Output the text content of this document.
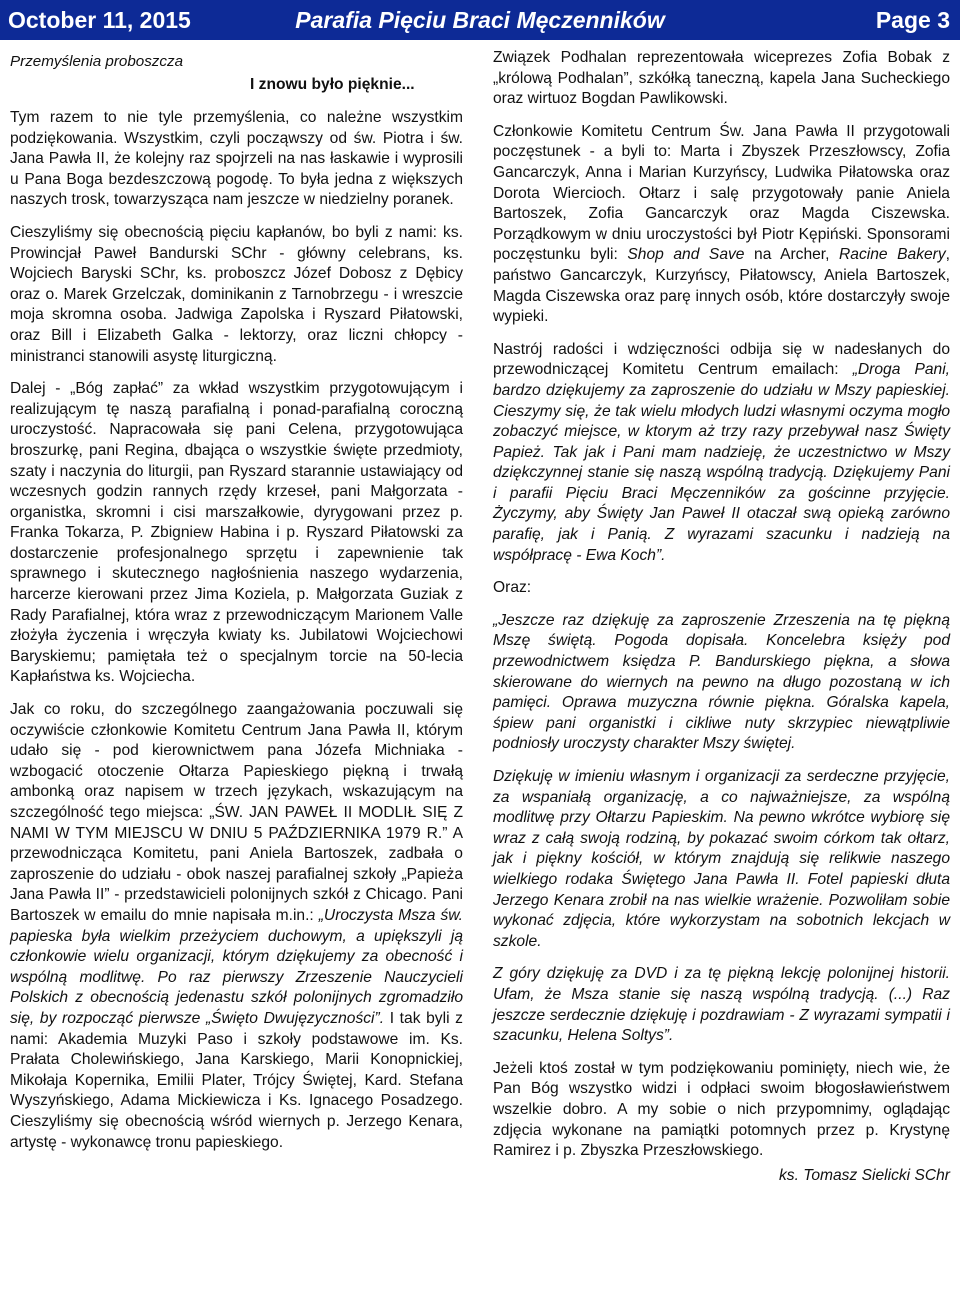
October 11, 2015	Parafia Pięciu Braci Męczenników	Page 3
Przemyślenia proboszcza
I znowu było pięknie...

Tym razem to nie tyle przemyślenia, co należne wszystkim podziękowania. Wszystkim, czyli począwszy od św. Piotra i św. Jana Pawła II, że kolejny raz spojrzeli na nas łaskawie i wyprosili u Pana Boga bezdeszczową pogodę. To była jedna z większych naszych trosk, towarzysząca nam jeszcze w niedzielny poranek.

Cieszyliśmy się obecnością pięciu kapłanów, bo byli z nami: ks. Prowincjał Paweł Bandurski SChr - główny celebrans, ks. Wojciech Baryski SChr, ks. proboszcz Józef Dobosz z Dębicy oraz o. Marek Grzelczak, dominikanin z Tarnobrzegu - i wreszcie moja skromna osoba. Jadwiga Zapolska i Ryszard Piłatowski, oraz Bill i Elizabeth Galka - lektorzy, oraz liczni chłopcy - ministranci stanowili asystę liturgiczną.

Dalej - „Bóg zapłać” za wkład wszystkim przygotowującym i realizującym tę naszą parafialną i ponad-parafialną coroczną uroczystość. Napracowała się pani Celena, przygotowująca broszurkę, pani Regina, dbająca o wszystkie święte przedmioty, szaty i naczynia do liturgii, pan Ryszard starannie ustawiający od wczesnych godzin rannych rzędy krzeseł, pani Małgorzata - organistka, skromni i cisi marszałkowie, dyrygowani przez p. Franka Tokarza, P. Zbigniew Habina i p. Ryszard Piłatowski za dostarczenie profesjonalnego sprzętu i zapewnienie tak sprawnego i skutecznego nagłośnienia naszego wydarzenia, harcerze kierowani przez Jima Koziela, p. Małgorzata Guziak z Rady Parafialnej, która wraz z przewodniczącym Marionem Valle złożyła życzenia i wręczyła kwiaty ks. Jubilatowi Wojciechowi Baryskiemu; pamiętała też o specjalnym torcie na 50-lecia Kapłaństwa ks. Wojciecha.

Jak co roku, do szczególnego zaangażowania poczuwali się oczywiście członkowie Komitetu Centrum Jana Pawła II, którym udało się - pod kierownictwem pana Józefa Michniaka - wzbogacić otoczenie Ołtarza Papieskiego piękną i trwałą ambonką oraz napisem w trzech językach, wskazującym na szczególność tego miejsca: „ŚW. JAN PAWEŁ II MODLIŁ SIĘ Z NAMI W TYM MIEJSCU W DNIU 5 PAŹDZIERNIKA 1979 R.” A przewodnicząca Komitetu, pani Aniela Bartoszek, zadbała o zaproszenie do udziału - obok naszej parafialnej szkoły „Papieża Jana Pawła II” - przedstawicieli polonijnych szkół z Chicago. Pani Bartoszek w emailu do mnie napisała m.in.: „Uroczysta Msza św. papieska była wielkim przeżyciem duchowym, a upiększyli ją członkowie wielu organizacji, którym dziękujemy za obecność i wspólną modlitwę. Po raz pierwszy Zrzeszenie Nauczycieli Polskich z obecnością jedenastu szkół polonijnych zgromadziło się, by rozpocząć pierwsze „Święto Dwujęzyczności”. I tak byli z nami: Akademia Muzyki Paso i szkoły podstawowe im. Ks. Prałata Cholewińskiego, Jana Karskiego, Marii Konopnickiej, Mikołaja Kopernika, Emilii Plater, Trójcy Świętej, Kard. Stefana Wyszyńskiego, Adama Mickiewicza i Ks. Ignacego Posadzego. Cieszyliśmy się obecnością wśród wiernych p. Jerzego Kenara, artystę - wykonawcę tronu papieskiego.

Związek Podhalan reprezentowała wiceprezes Zofia Bobak z „królową Podhalan”, szkółką taneczną, kapela Jana Sucheckiego oraz wirtuoz Bogdan Pawlikowski.

Członkowie Komitetu Centrum Św. Jana Pawła II przygotowali poczęstunek - a byli to: Marta i Zbyszek Przeszłowscy, Zofia Gancarczyk, Anna i Marian Kurzyńscy, Ludwika Piłatowska oraz Dorota Wiercioch. Ołtarz i salę przygotowały panie Aniela Bartoszek, Zofia Gancarczyk oraz Magda Ciszewska. Porządkowym w dniu uroczystości był Piotr Kępiński. Sponsorami poczęstunku byli: Shop and Save na Archer, Racine Bakery, państwo Gancarczyk, Kurzyńscy, Piłatowscy, Aniela Bartoszek, Magda Ciszewska oraz parę innych osób, które dostarczyły swoje wypieki.

Nastrój radości i wdzięczności odbija się w nadesłanych do przewodniczącej Komitetu Centrum emailach: „Droga Pani, bardzo dziękujemy za zaproszenie do udziału w Mszy papieskiej. Cieszymy się, że tak wielu młodych ludzi własnymi oczyma mogło zobaczyć miejsce, w ktorym aż trzy razy przebywał nasz Święty Papież. Tak jak i Pani mam nadzieję, że uczestnictwo w Mszy dziękczynnej stanie się naszą wspólną tradycją. Dziękujemy Pani i parafii Pięciu Braci Męczenników za gościnne przyjęcie. Życzymy, aby Święty Jan Paweł II otaczał swą opieką zarówno parafię, jak i Panią. Z wyrazami szacunku i nadzieją na współpracę - Ewa Koch”.

Oraz:

„Jeszcze raz dziękuję za zaproszenie Zrzeszenia na tę piękną Mszę świętą. Pogoda dopisała. Koncelebra księży pod przewodnictwem księdza P. Bandurskiego piękna, a słowa skierowane do wiernych na pewno na długo pozostaną w ich pamięci. Oprawa muzyczna równie piękna. Góralska kapela, śpiew pani organistki i cikliwe nuty skrzypiec niewątpliwie podniosły uroczysty charakter Mszy świętej.

Dziękuję w imieniu własnym i organizacji za serdeczne przyjęcie, za wspaniałą organizację, a co najważniejsze, za wspólną modlitwę przy Ołtarzu Papieskim. Na pewno wkrótce wybiorę się wraz z całą swoją rodziną, by pokazać swoim córkom tak ołtarz, jak i piękny kościół, w którym znajdują się relikwie naszego wielkiego rodaka Świętego Jana Pawła II. Fotel papieski dłuta Jerzego Kenara zrobił na nas wielkie wrażenie. Pozwoliłam sobie wykonać zdjęcia, które wykorzystam na sobotnich lekcjach w szkole.

Z góry dziękuję za DVD i za tę piękną lekcję polonijnej historii. Ufam, że Msza stanie się naszą wspólną tradycją. (...) Raz jeszcze serdecznie dziękuję i pozdrawiam - Z wyrazami sympatii i szacunku, Helena Soltys”.

Jeżeli ktoś został w tym podziękowaniu pominięty, niech wie, że Pan Bóg wszystko widzi i odpłaci swoim błogosławieństwem wszelkie dobro. A my sobie o nich przypomnimy, oglądając zdjęcia wykonane na pamiątki potomnych przez p. Krystynę Ramirez i p. Zbyszka Przeszłowskiego.

ks. Tomasz Sielicki SChr
